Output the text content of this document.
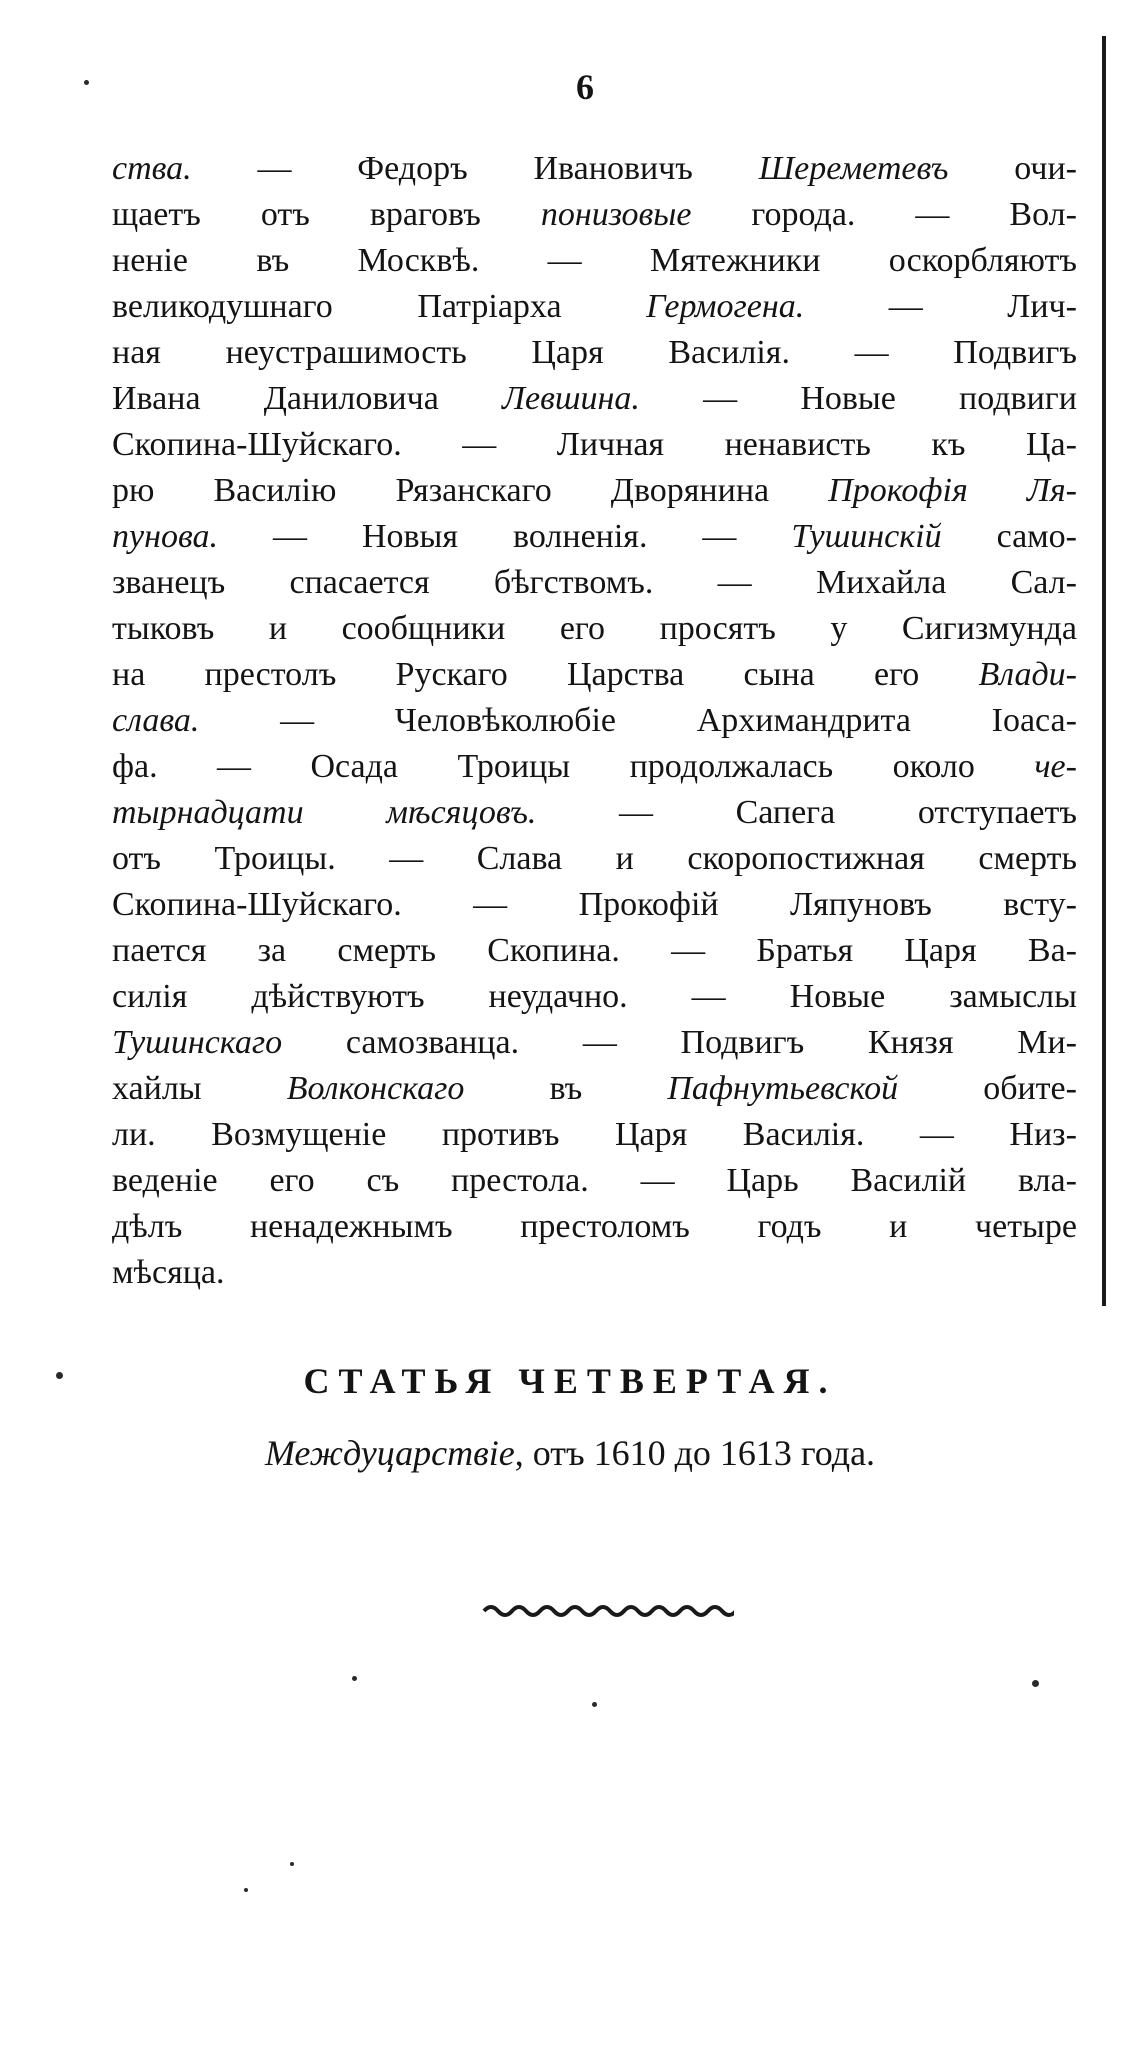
6
ства. — Федоръ Ивановичъ Шереметевъ очи-
щаетъ отъ враговъ понизовые города. — Вол-
неніе въ Москвѣ. — Мятежники оскорбляютъ
великодушнаго Патріарха Гермогена. — Лич-
ная неустрашимость Царя Василія. — Подвигъ
Ивана Даниловича Левшина. — Новые подвиги
Скопина-Шуйскаго. — Личная ненависть къ Ца-
рю Василію Рязанскаго Дворянина Прокофія Ля-
пунова. — Новыя волненія. — Тушинскій само-
званецъ спасается бѣгствомъ. — Михайла Сал-
тыковъ и сообщники его просятъ у Сигизмунда
на престолъ Рускаго Царства сына его Влади-
слава. — Человѣколюбіе Архимандрита Іоаса-
фа. — Осада Троицы продолжалась около че-
тырнадцати мѣсяцовъ. — Сапега отступаетъ
отъ Троицы. — Слава и скоропостижная смерть
Скопина-Шуйскаго. — Прокофій Ляпуновъ всту-
пается за смерть Скопина. — Братья Царя Ва-
силія дѣйствуютъ неудачно. — Новые замыслы
Тушинскаго самозванца. — Подвигъ Князя Ми-
хайлы	Волконскаго	въ	Пафнутьевской	обите-
ли. Возмущеніе противъ Царя Василія. — Низ-
веденіе его съ престола. — Царь Василій вла-
дѣлъ ненадежнымъ престоломъ годъ и четыре
мѣсяца.
СТАТЬЯ ЧЕТВЕРТАЯ.
Междуцарствіе, отъ 1610 до 1613 года.
